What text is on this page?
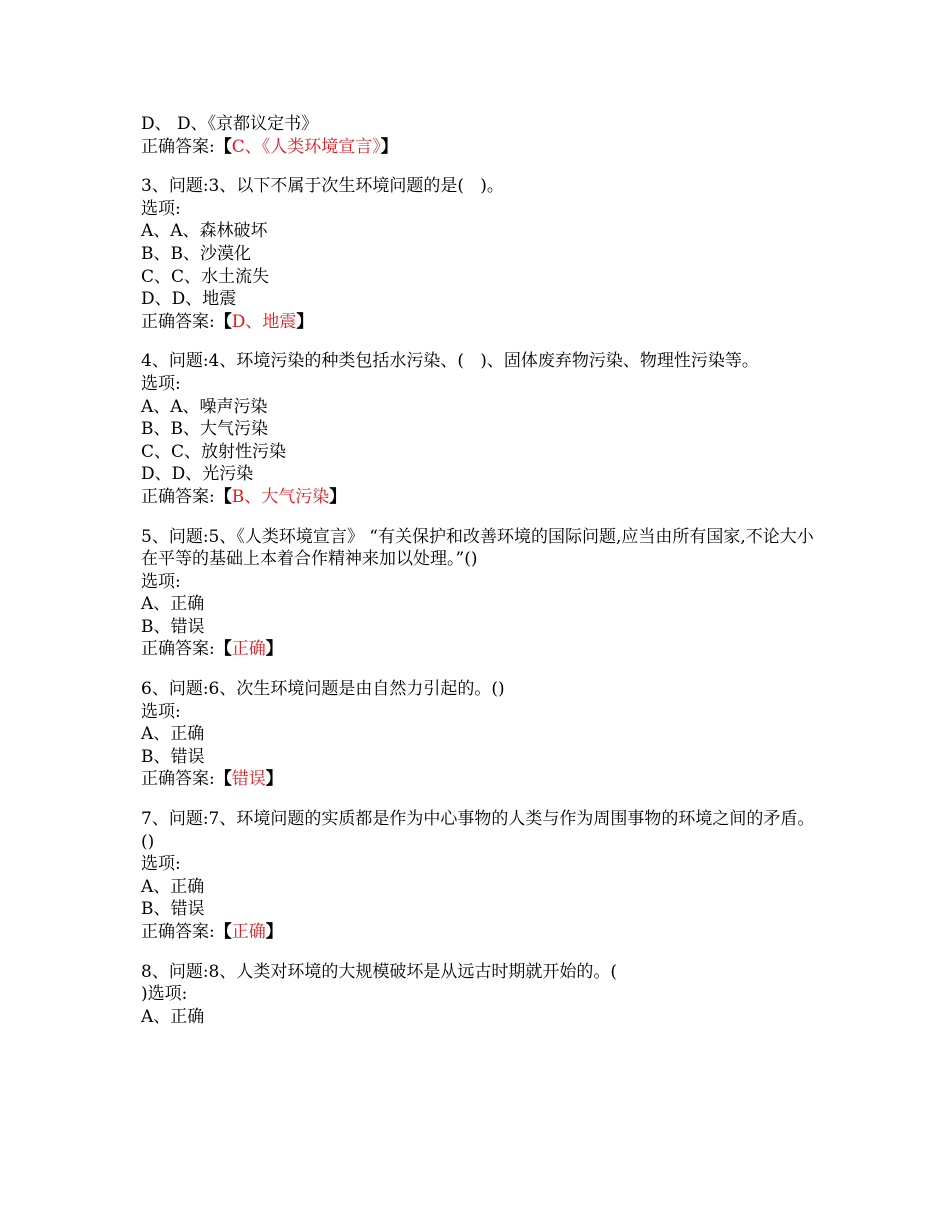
D、 D、《京都议定书》

正确答案:【C、《人类环境宣言》】

3、问题:3、以下不属于次生环境问题的是(   )。

选项:

A、A、森林破坏

B、B、沙漠化

C、C、水土流失

D、D、地震

正确答案:【D、地震】

4、问题:4、环境污染的种类包括水污染、(   )、固体废弃物污染、物理性污染等。

选项:

A、A、噪声污染

B、B、大气污染

C、C、放射性污染

D、D、光污染

正确答案:【B、大气污染】

5、问题:5、《人类环境宣言》 “有关保护和改善环境的国际问题,应当由所有国家,不论大小在平等的基础上本着合作精神来加以处理。”()

选项:

A、正确

B、错误

正确答案:【正确】

6、问题:6、次生环境问题是由自然力引起的。()

选项:

A、正确

B、错误

正确答案:【错误】

7、问题:7、环境问题的实质都是作为中心事物的人类与作为周围事物的环境之间的矛盾。()

选项:

A、正确

B、错误

正确答案:【正确】

8、问题:8、人类对环境的大规模破坏是从远古时期就开始的。(

)选项:

A、正确
